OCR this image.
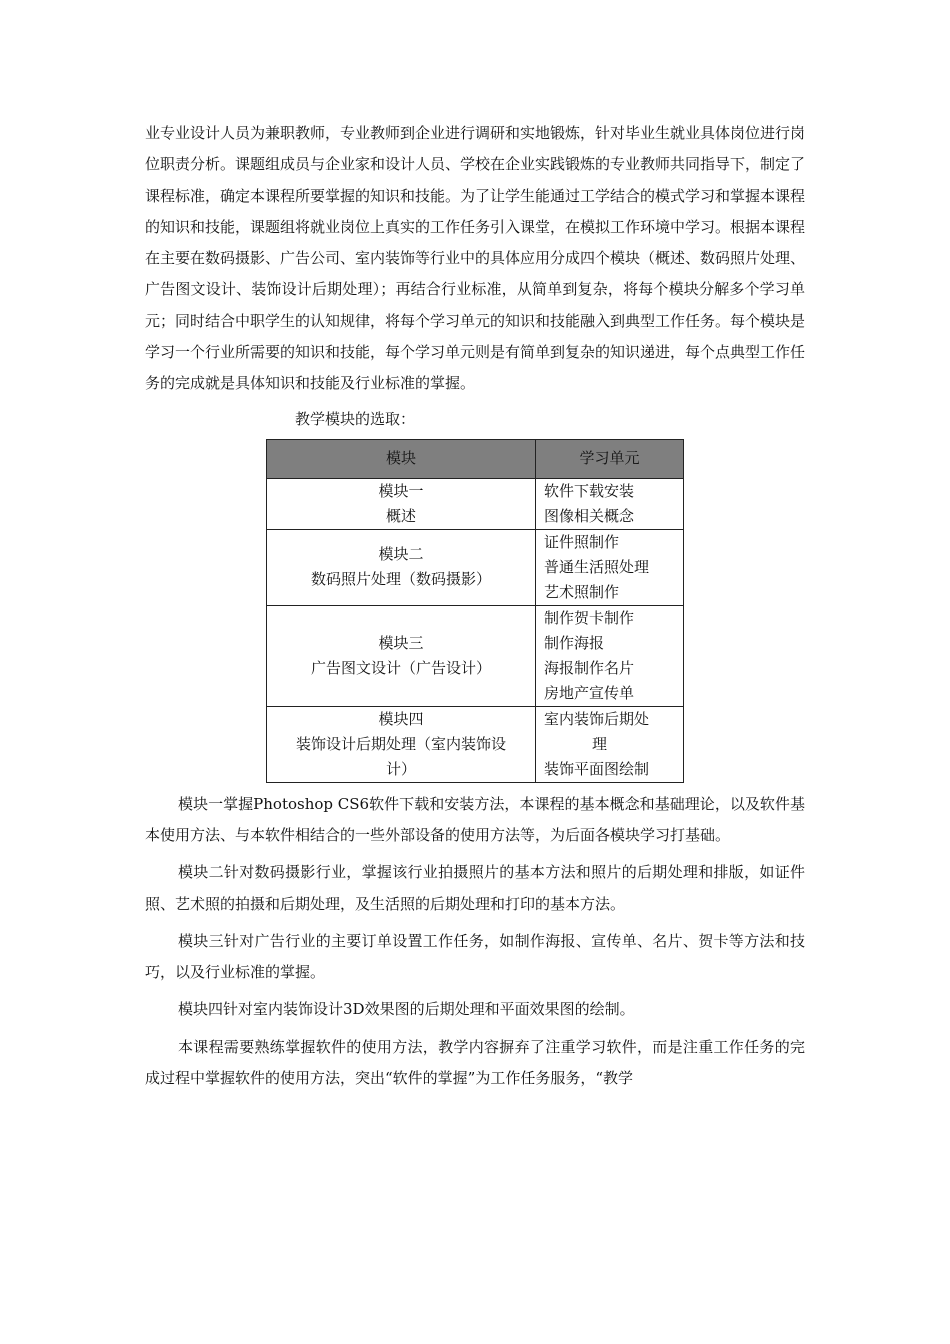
业专业设计人员为兼职教师，专业教师到企业进行调研和实地锻炼，针对毕业生就业具体岗位进行岗位职责分析。课题组成员与企业家和设计人员、学校在企业实践锻炼的专业教师共同指导下，制定了课程标准，确定本课程所要掌握的知识和技能。为了让学生能通过工学结合的模式学习和掌握本课程的知识和技能，课题组将就业岗位上真实的工作任务引入课堂，在模拟工作环境中学习。根据本课程在主要在数码摄影、广告公司、室内装饰等行业中的具体应用分成四个模块（概述、数码照片处理、广告图文设计、装饰设计后期处理）；再结合行业标准，从简单到复杂，将每个模块分解多个学习单元；同时结合中职学生的认知规律，将每个学习单元的知识和技能融入到典型工作任务。每个模块是学习一个行业所需要的知识和技能，每个学习单元则是有简单到复杂的知识递进，每个点典型工作任务的完成就是具体知识和技能及行业标准的掌握。

教学模块的选取：

模块	学习单元

模块一
概述	软件下载安装
图像相关概念

模块二
数码照片处理（数码摄影）	证件照制作
普通生活照处理
艺术照制作

模块三
广告图文设计（广告设计）	制作贺卡制作
制作海报
海报制作名片
房地产宣传单

模块四
装饰设计后期处理（室内装饰设
计）	室内装饰后期处
理
装饰平面图绘制

模块一掌握Photoshop CS6软件下载和安装方法，本课程的基本概念和基础理论，以及软件基本使用方法、与本软件相结合的一些外部设备的使用方法等，为后面各模块学习打基础。

模块二针对数码摄影行业，掌握该行业拍摄照片的基本方法和照片的后期处理和排版，如证件照、艺术照的拍摄和后期处理，及生活照的后期处理和打印的基本方法。

模块三针对广告行业的主要订单设置工作任务，如制作海报、宣传单、名片、贺卡等方法和技巧，以及行业标准的掌握。

模块四针对室内装饰设计3D效果图的后期处理和平面效果图的绘制。

本课程需要熟练掌握软件的使用方法，教学内容摒弃了注重学习软件，而是注重工作任务的完成过程中掌握软件的使用方法，突出“软件的掌握”为工作任务服务，“教学
